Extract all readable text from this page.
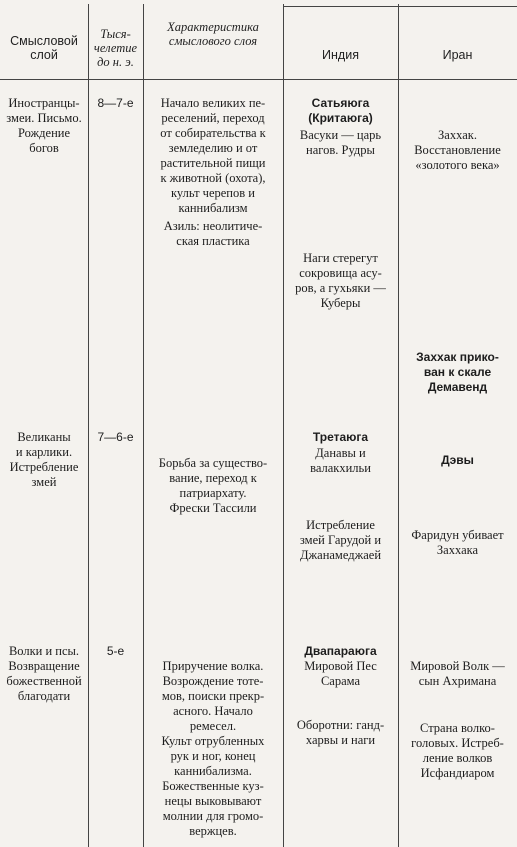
Смысловой
слой
Тыся-
челетие
до н. э.
Характеристика
смыслового слоя
Индия	Иран
Иностранцы-
змеи. Письмо.
Рождение
богов
8—7-е	Начало великих пе-
реселений, переход
от собирательства к
земледелию и от
растительной пищи
к животной (охота),
культ черепов и
каннибализм
Азиль: неолитиче-
ская пластика
Сатьяюга
(Критаюга)
Васуки — царь
нагов. Рудры
Наги стерегут
сокровища асу-
ров, а гухьяки —
Куберы
Заххак.
Восстановление
«золотого века»
Заххак прико-
ван к скале
Демавенд
Великаны
и карлики.
Истребление
змей
7—6-е
Борьба за существо-
вание, переход к
патриархату.
Фрески Тассили
Третаюга
Данавы и
валакхильи
Истребление
змей Гарудой и
Джанамеджаей
Дэвы
Фаридун убивает
Заххака
Волки и псы.
Возвращение
божественной
благодати
5-е
Приручение волка.
Возрождение тоте-
мов, поиски прекр-
асного. Начало
ремесел.
Культ отрубленных
рук и ног, конец
каннибализма.
Божественные куз-
нецы выковывают
молнии для громо-
вержцев.
Двапараюга
Мировой Пес
Сарама
Оборотни: ганд-
харвы и наги
Мировой Волк —
сын Ахримана
Страна волко-
головых. Истреб-
ление волков
Исфандиаром
